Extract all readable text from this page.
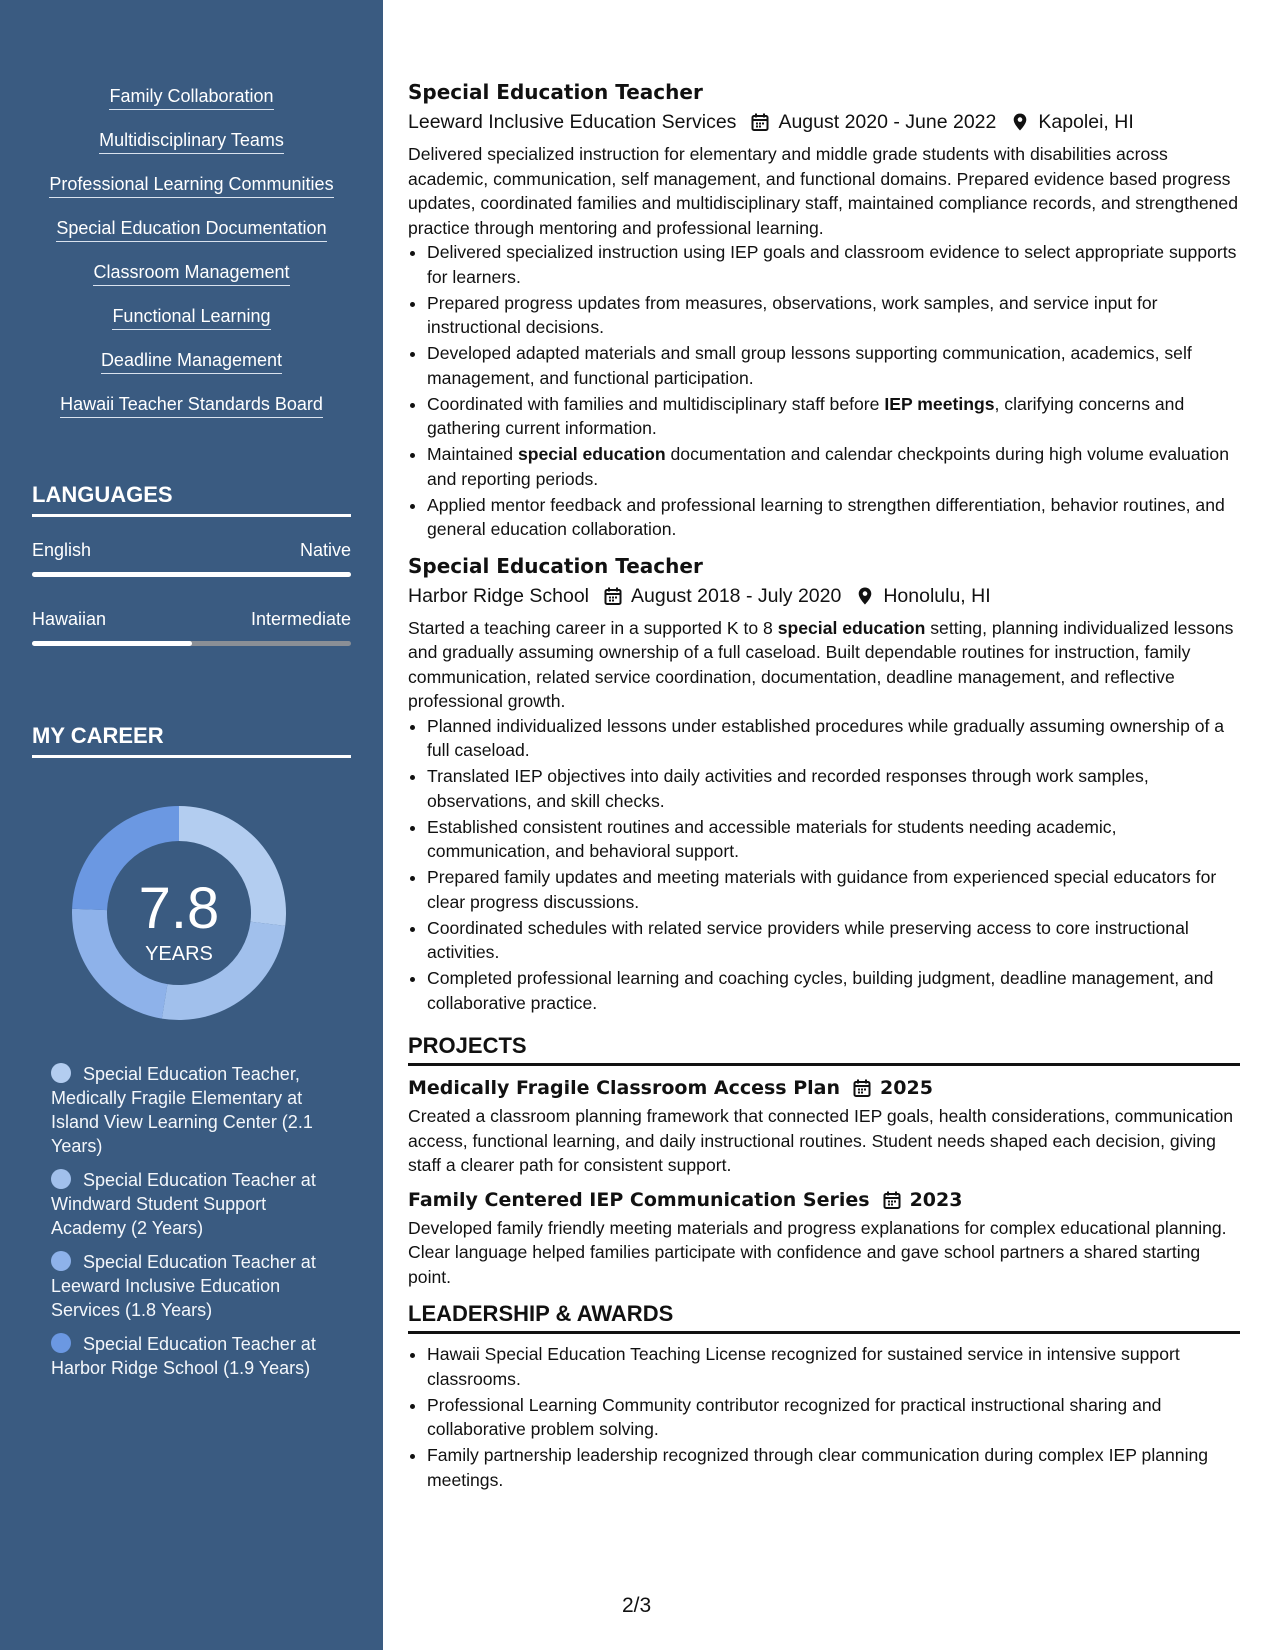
Family Collaboration
Multidisciplinary Teams
Professional Learning Communities
Special Education Documentation
Classroom Management
Functional Learning
Deadline Management
Hawaii Teacher Standards Board
LANGUAGES
English	Native
Hawaiian	Intermediate
MY CAREER
7.8
YEARS
Special Education Teacher, Medically Fragile Elementary at Island View Learning Center (2.1 Years)
Special Education Teacher at Windward Student Support Academy (2 Years)
Special Education Teacher at Leeward Inclusive Education Services (1.8 Years)
Special Education Teacher at Harbor Ridge School (1.9 Years)
Special Education Teacher
Leeward Inclusive Education Services August 2020 - June 2022 Kapolei, HI

Delivered specialized instruction for elementary and middle grade students with disabilities across academic, communication, self management, and functional domains. Prepared evidence based progress updates, coordinated families and multidisciplinary staff, maintained compliance records, and strengthened practice through mentoring and professional learning.

• Delivered specialized instruction using IEP goals and classroom evidence to select appropriate supports for learners.
• Prepared progress updates from measures, observations, work samples, and service input for instructional decisions.
• Developed adapted materials and small group lessons supporting communication, academics, self management, and functional participation.
• Coordinated with families and multidisciplinary staff before IEP meetings, clarifying concerns and gathering current information.
• Maintained special education documentation and calendar checkpoints during high volume evaluation and reporting periods.
• Applied mentor feedback and professional learning to strengthen differentiation, behavior routines, and general education collaboration.
Special Education Teacher
Harbor Ridge School August 2018 - July 2020 Honolulu, HI

Started a teaching career in a supported K to 8 special education setting, planning individualized lessons and gradually assuming ownership of a full caseload. Built dependable routines for instruction, family communication, related service coordination, documentation, deadline management, and reflective professional growth.

• Planned individualized lessons under established procedures while gradually assuming ownership of a full caseload.
• Translated IEP objectives into daily activities and recorded responses through work samples, observations, and skill checks.
• Established consistent routines and accessible materials for students needing academic, communication, and behavioral support.
• Prepared family updates and meeting materials with guidance from experienced special educators for clear progress discussions.
• Coordinated schedules with related service providers while preserving access to core instructional activities.
• Completed professional learning and coaching cycles, building judgment, deadline management, and collaborative practice.
PROJECTS
Medically Fragile Classroom Access Plan 2025

Created a classroom planning framework that connected IEP goals, health considerations, communication access, functional learning, and daily instructional routines. Student needs shaped each decision, giving staff a clearer path for consistent support.

Family Centered IEP Communication Series 2023

Developed family friendly meeting materials and progress explanations for complex educational planning. Clear language helped families participate with confidence and gave school partners a shared starting point.

LEADERSHIP & AWARDS
• Hawaii Special Education Teaching License recognized for sustained service in intensive support classrooms.
• Professional Learning Community contributor recognized for practical instructional sharing and collaborative problem solving.
• Family partnership leadership recognized through clear communication during complex IEP planning meetings.
2/3
